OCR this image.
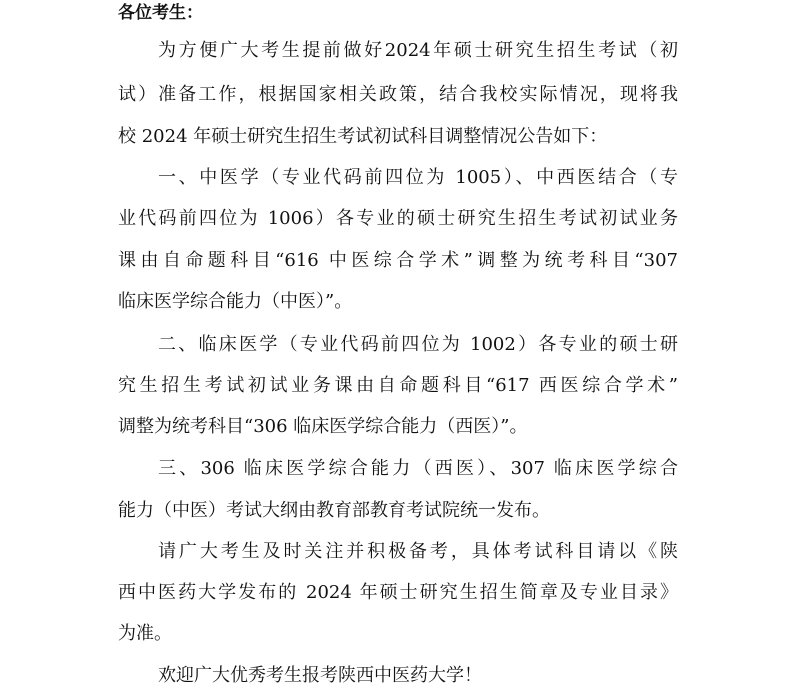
各位考生：
为方便广大考生提前做好2024年硕士研究生招生考试（初
试）准备工作，根据国家相关政策，结合我校实际情况，现将我
校 2024 年硕士研究生招生考试初试科目调整情况公告如下：
一、中医学（专业代码前四位为 1005）、中西医结合（专
业代码前四位为 1006）各专业的硕士研究生招生考试初试业务
课由自命题科目“616 中医综合学术”调整为统考科目“307
临床医学综合能力（中医）”。
二、临床医学（专业代码前四位为 1002）各专业的硕士研
究生招生考试初试业务课由自命题科目“617 西医综合学术”
调整为统考科目“306 临床医学综合能力（西医）”。
三、306 临床医学综合能力（西医）、307 临床医学综合
能力（中医）考试大纲由教育部教育考试院统一发布。
请广大考生及时关注并积极备考，具体考试科目请以《陕
西中医药大学发布的 2024 年硕士研究生招生简章及专业目录》
为准。
欢迎广大优秀考生报考陕西中医药大学！
